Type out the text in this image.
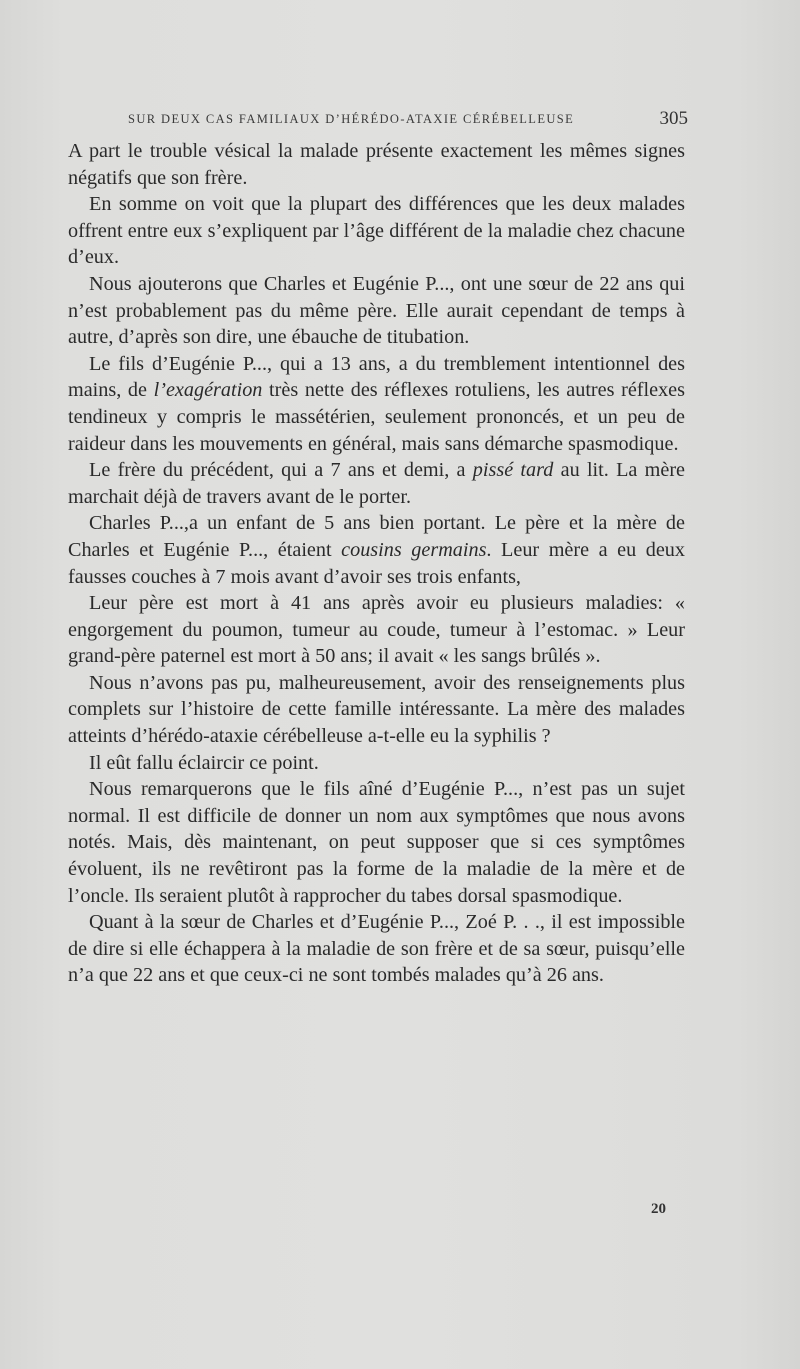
SUR DEUX CAS FAMILIAUX D’HÉRÉDO-ATAXIE CÉRÉBELLEUSE	305

A part le trouble vésical la malade présente exactement les mêmes signes négatifs que son frère.

En somme on voit que la plupart des différences que les deux malades offrent entre eux s’expliquent par l’âge différent de la maladie chez chacune d’eux.

Nous ajouterons que Charles et Eugénie P..., ont une sœur de 22 ans qui n’est probablement pas du même père. Elle aurait cependant de temps à autre, d’après son dire, une ébauche de titubation.

Le fils d’Eugénie P..., qui a 13 ans, a du tremblement intentionnel des mains, de l’exagération très nette des réflexes rotuliens, les autres réflexes tendineux y compris le massétérien, seulement prononcés, et un peu de raideur dans les mouvements en général, mais sans démarche spasmodique.

Le frère du précédent, qui a 7 ans et demi, a pissé tard au lit. La mère marchait déjà de travers avant de le porter.

Charles P...,a un enfant de 5 ans bien portant. Le père et la mère de Charles et Eugénie P..., étaient cousins germains. Leur mère a eu deux fausses couches à 7 mois avant d’avoir ses trois enfants,

Leur père est mort à 41 ans après avoir eu plusieurs maladies: « engorgement du poumon, tumeur au coude, tumeur à l’estomac. » Leur grand-père paternel est mort à 50 ans; il avait « les sangs brûlés ».

Nous n’avons pas pu, malheureusement, avoir des renseignements plus complets sur l’histoire de cette famille intéressante. La mère des malades atteints d’hérédo-ataxie cérébelleuse a-t-elle eu la syphilis ?

Il eût fallu éclaircir ce point.

Nous remarquerons que le fils aîné d’Eugénie P..., n’est pas un sujet normal. Il est difficile de donner un nom aux symptômes que nous avons notés. Mais, dès maintenant, on peut supposer que si ces symptômes évoluent, ils ne revêtiront pas la forme de la maladie de la mère et de l’oncle. Ils seraient plutôt à rapprocher du tabes dorsal spasmodique.

Quant à la sœur de Charles et d’Eugénie P..., Zoé P. . ., il est impossible de dire si elle échappera à la maladie de son frère et de sa sœur, puisqu’elle n’a que 22 ans et que ceux-ci ne sont tombés malades qu’à 26 ans.

20
